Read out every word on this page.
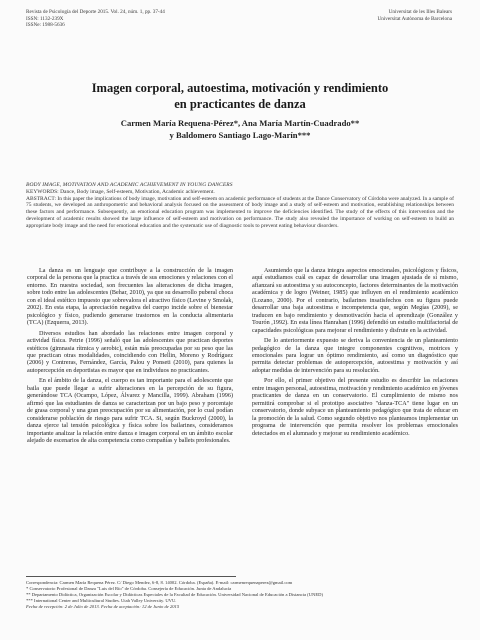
Revista de Psicología del Deporte 2015. Vol. 24, núm. 1, pp. 37-44
ISSN: 1132-239X
ISSNe: 1988-5636
Universitat de les Illes Balears
Universitat Autònoma de Barcelona
Imagen corporal, autoestima, motivación y rendimiento
en practicantes de danza
Carmen María Requena-Pérez*, Ana María Martín-Cuadrado**
y Baldomero Santiago Lago-Marín***
BODY IMAGE, MOTIVATION AND ACADEMIC ACHIEVEMENT IN YOUNG DANCERS
KEYWORDS: Dance, Body image, Self-esteem, Motivation, Academic achievement.
ABSTRACT: In this paper the implications of body image, motivation and self-esteem on academic performance of students at the Dance Conservatory of Córdoba were analyzed. In a sample of 75 students, we developed an anthropometric and behavioral analysis focused on the assessment of body image and a study of self-esteem and motivation, establishing relationships between these factors and performance. Subsequently, an emotional education program was implemented to improve the deficiencies identified. The study of the effects of this intervention and the development of academic results showed the large influence of self-esteem and motivation on performance. The study also revealed the importance of working on self-esteem to build an appropriate body image and the need for emotional education and the systematic use of diagnostic tools to prevent eating behaviour disorders.

La danza es un lenguaje que contribuye a la construcción de la imagen corporal de la persona que la practica a través de sus emociones y relaciones con el entorno. En nuestra sociedad, son frecuentes las alteraciones de dicha imagen, sobre todo entre las adolescentes (Behar, 2010), ya que su desarrollo puberal choca con el ideal estético impuesto que sobrevalora el atractivo físico (Levine y Smolak, 2002). En esta etapa, la apreciación negativa del cuerpo incide sobre el bienestar psicológico y físico, pudiendo generarse trastornos en la conducta alimentaria (TCA) (Ezquerra, 2013).

Diversos estudios han abordado las relaciones entre imagen corporal y actividad física. Petrie (1996) señaló que las adolescentes que practican deportes estéticos (gimnasia rítmica y aerobic), están más preocupadas por su peso que las que practican otras modalidades, coincidiendo con Hellin, Moreno y Rodríguez (2006) y Contreras, Fernández, García, Palou y Ponseti (2010), para quienes la autopercepción en deportistas es mayor que en individuos no practicantes.

En el ámbito de la danza, el cuerpo es tan importante para el adolescente que baila que puede llegar a sufrir alteraciones en la percepción de su figura, generándose TCA (Ocampo, López, Álvarez y Mancilla, 1999). Abraham (1996) afirmó que las estudiantes de danza se caracterizan por un bajo peso y porcentaje de grasa corporal y una gran preocupación por su alimentación, por lo cual podían considerarse población de riesgo para sufrir TCA. Si, según Buckroyd (2000), la danza ejerce tal tensión psicológica y física sobre los bailarines, consideramos importante analizar la relación entre danza e imagen corporal en un ámbito escolar alejado de escenarios de alta competencia como compañías y ballets profesionales.

Asumiendo que la danza integra aspectos emocionales, psicológicos y físicos, aquí estudiamos cuál es capaz de desarrollar una imagen ajustada de sí mismo, afianzará su autoestima y su autoconcepto, factores determinantes de la motivación académica y de logro (Weiner, 1985) que influyen en el rendimiento académico (Lozano, 2000). Por el contrario, bailarines insatisfechos con su figura puede desarrollar una baja autoestima e incompetencia que, según Megías (2009), se traducen en bajo rendimiento y desmotivación hacia el aprendizaje (González y Tourón ,1992). En esta línea Hanrahan (1996) defendió un estudio multifactorial de capacidades psicológicas para mejorar el rendimiento y disfrute en la actividad.

De lo anteriormente expuesto se deriva la conveniencia de un planteamiento pedagógico de la danza que integre componentes cognitivos, motrices y emocionales para lograr un óptimo rendimiento, así como un diagnóstico que permita detectar problemas de autopercepción, autoestima y motivación y así adoptar medidas de intervención para su resolución.

Por ello, el primer objetivo del presente estudio es describir las relaciones entre imagen personal, autoestima, motivación y rendimiento académico en jóvenes practicantes de danza en un conservatorio. El cumplimiento de mismo nos permitirá comprobar si el prototipo asociativo "danza-TCA" tiene lugar en un conservatorio, donde subyace un planteamiento pedagógico que trata de educar en la promoción de la salud. Como segundo objetivo nos planteamos implementar un programa de intervención que permita resolver los problemas emocionales detectados en el alumnado y mejorar su rendimiento académico.

Correspondencia: Carmen María Requena Pérez. C/ Diego Mendez, 6-8, 8. 14002. Córdoba. (España). E-mail: carmenrequenaperez@gmail.com
* Conservatorio Profesional de Danza "Luis del Río" de Córdoba. Consejería de Educación. Junta de Andalucía
** Departamento Didáctica, Organización Escolar y Didácticas Especiales de la Facultad de Educación. Universidad Nacional de Educación a Distancia (UNED)
*** International Center and Multicultural Studies. Utah Valley University. UVU.
Fecha de recepción: 2 de Julio de 2013. Fecha de aceptación: 12 de Junio de 2015
